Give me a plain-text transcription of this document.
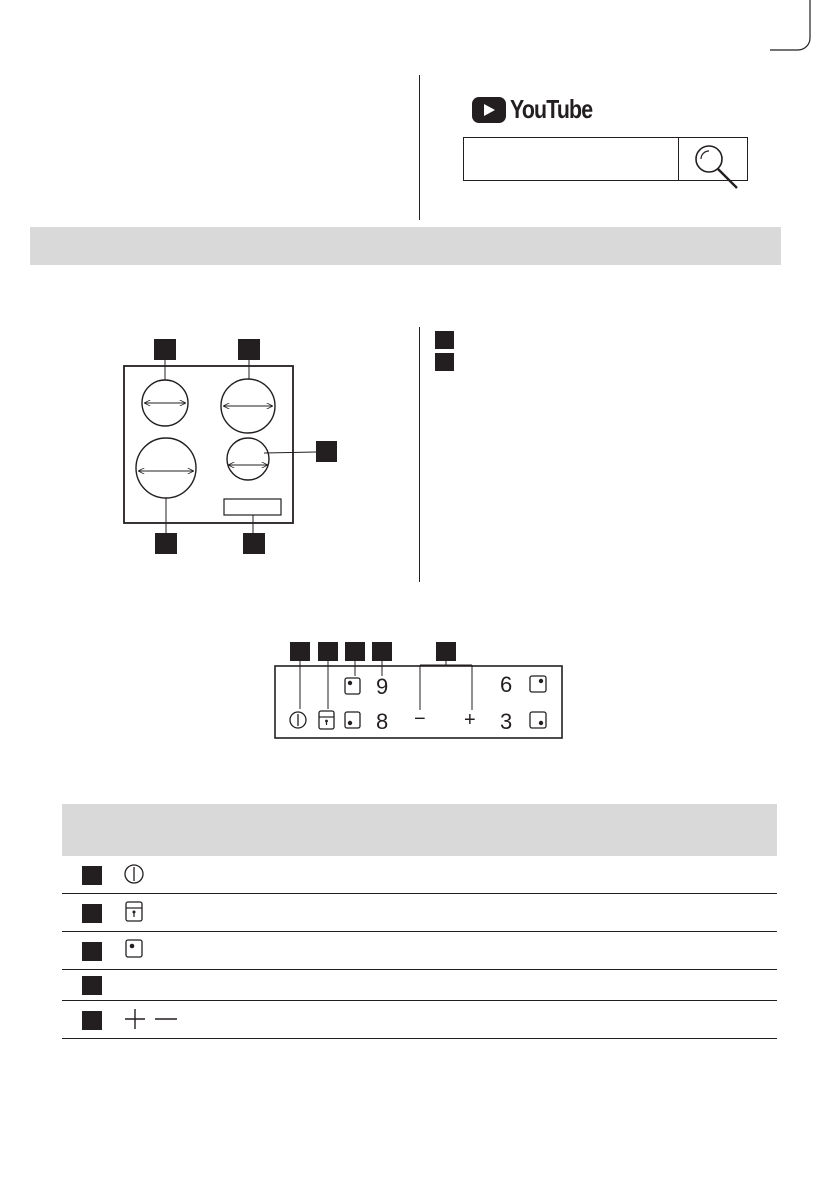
YouTube
9
8
6
3
− +
